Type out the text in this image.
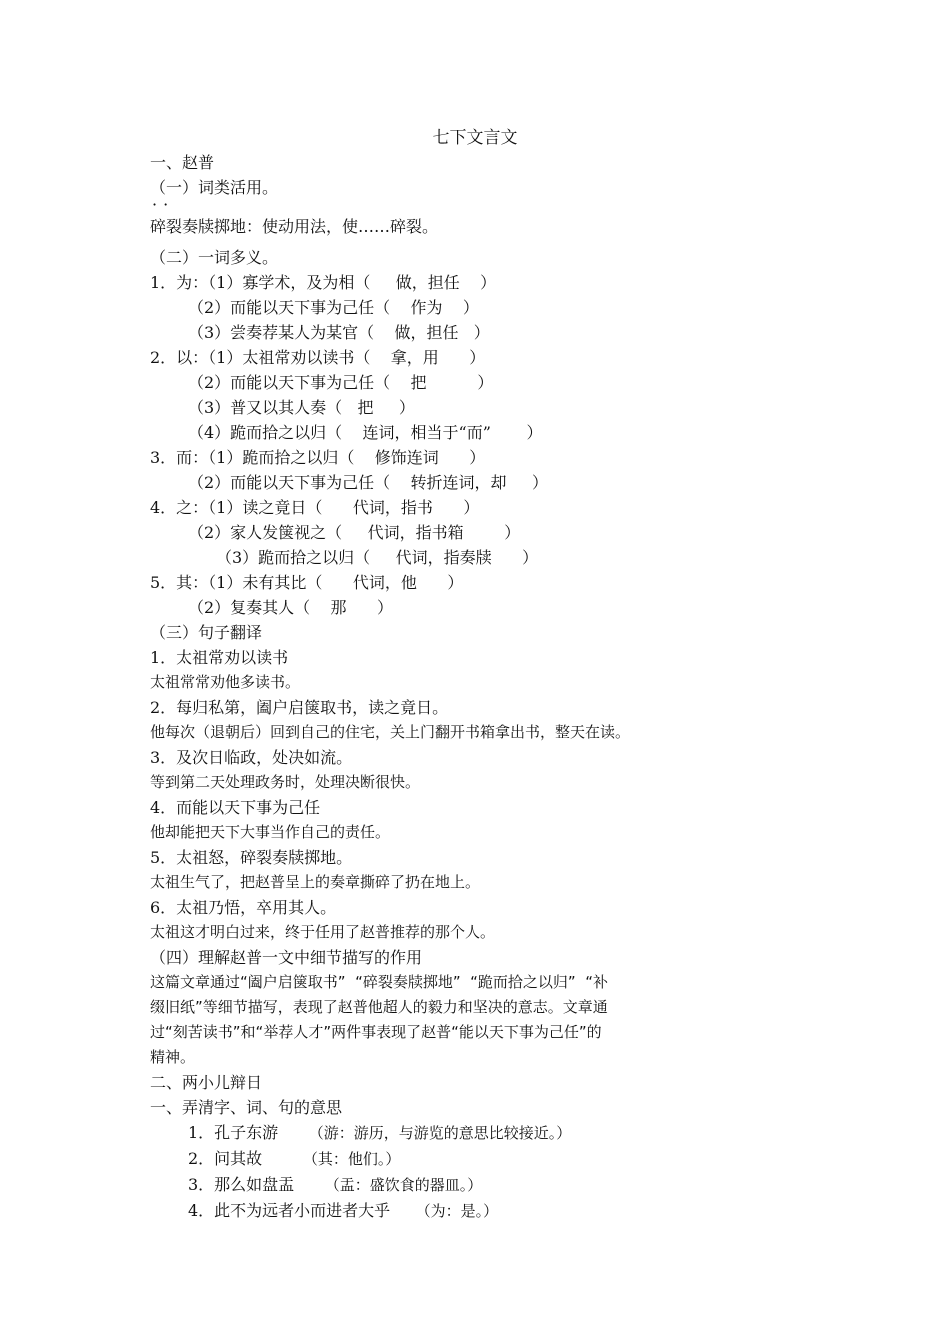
七下文言文
一、赵普
（一）词类活用。
··
碎裂奏牍掷地：使动用法，使……碎裂。
（二）一词多义。
1．为：（1）寡学术，及为相（     做，担任    ）
（2）而能以天下事为己任（    作为    ）
（3）尝奏荐某人为某官（    做，担任   ）
2．以：（1）太祖常劝以读书（    拿，用      ）
（2）而能以天下事为己任（    把          ）
（3）普又以其人奏（   把     ）
（4）跪而拾之以归（    连词，相当于“而”       ）
3．而：（1）跪而拾之以归（    修饰连词      ）
（2）而能以天下事为己任（    转折连词，却     ）
4．之：（1）读之竟日（      代词，指书      ）
（2）家人发箧视之（     代词，指书箱        ）
（3）跪而拾之以归（     代词，指奏牍      ）
5．其：（1）未有其比（      代词，他      ）
（2）复奏其人（    那      ）
（三）句子翻译
1．太祖常劝以读书
太祖常常劝他多读书。
2．每归私第，阖户启箧取书，读之竟日。
他每次（退朝后）回到自己的住宅，关上门翻开书箱拿出书，整天在读。
3．及次日临政，处决如流。
等到第二天处理政务时，处理决断很快。
4．而能以天下事为己任
他却能把天下大事当作自己的责任。
5．太祖怒，碎裂奏牍掷地。
太祖生气了，把赵普呈上的奏章撕碎了扔在地上。
6．太祖乃悟，卒用其人。
太祖这才明白过来，终于任用了赵普推荐的那个人。
（四）理解赵普一文中细节描写的作用
这篇文章通过“阖户启箧取书”  “碎裂奏牍掷地”  “跪而拾之以归”  “补
缀旧纸”等细节描写，表现了赵普他超人的毅力和坚决的意志。文章通
过“刻苦读书”和“举荐人才”两件事表现了赵普“能以天下事为己任”的
精神。
二、两小儿辩日
一、弄清字、词、句的意思
1．孔子东游 （游：游历，与游览的意思比较接近。）
2．问其故	（其：他们。）
3．那么如盘盂 （盂：盛饮食的器皿。）
4．此不为远者小而进者大乎 （为：是。）
